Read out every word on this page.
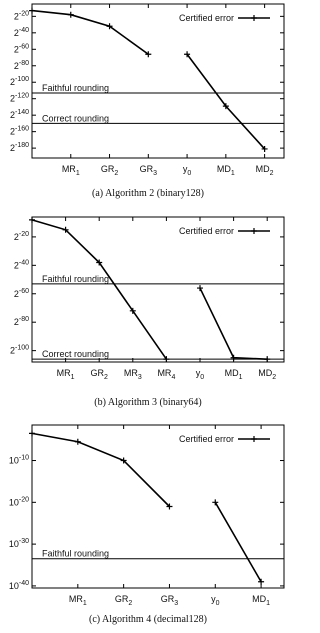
$2^{-20}$
$2^{-40}$
$2^{-60}$
$2^{-80}$
$2^{-100}$
$2^{-120}$
$2^{-140}$
$2^{-160}$
$2^{-180}$
$MR_1$ $GR_2$ $GR_3$	$y_0$	$MD_1$ $MD_2$
Faithful rounding
Correct rounding
Certified error
(a) Algorithm 2 (binary128)
$2^{-20}$
$2^{-40}$
$2^{-60}$
$2^{-80}$
$2^{-100}$
$MR_1$ $GR_2$ $MR_3$ $MR_4$ $y_0$ $MD_1$ $MD_2$
Faithful rounding
Correct rounding
Certified error
(b) Algorithm 3 (binary64)
$10^{-10}$
$10^{-20}$
$10^{-30}$
$10^{-40}$
$MR_1$	$GR_2$	$GR_3$	$y_0$	$MD_1$
Faithful rounding
Certified error
(c) Algorithm 4 (decimal128)
